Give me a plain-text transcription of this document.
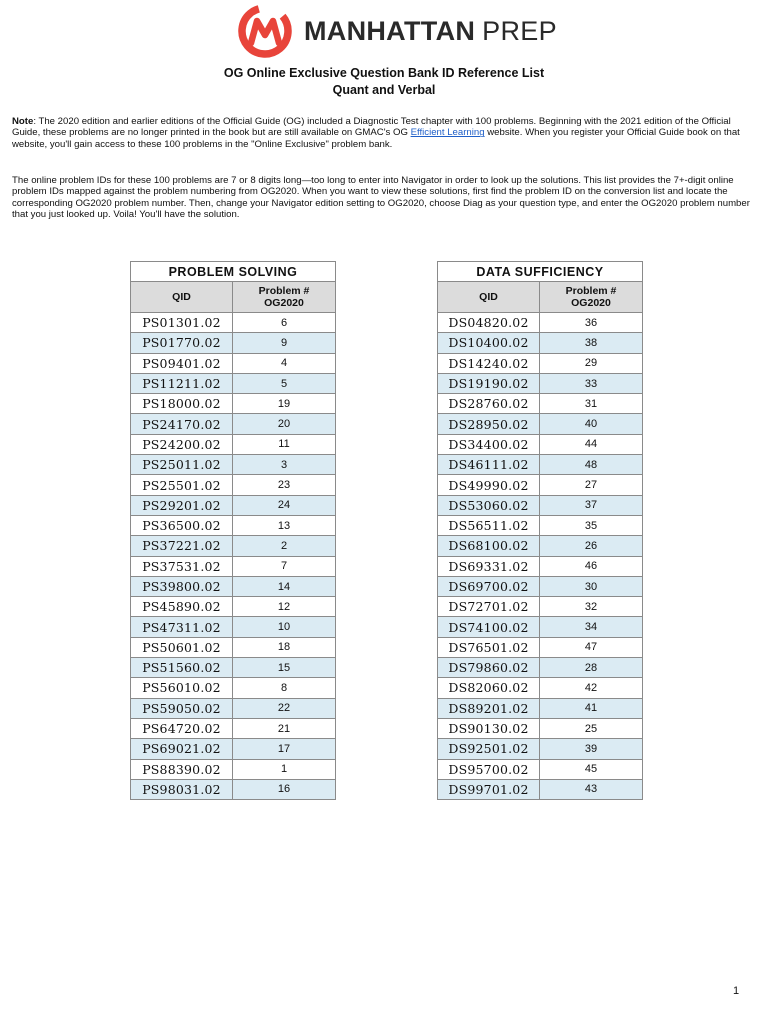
MANHATTAN PREP
OG Online Exclusive Question Bank ID Reference List
Quant and Verbal
Note: The 2020 edition and earlier editions of the Official Guide (OG) included a Diagnostic Test chapter with 100 problems. Beginning with the 2021 edition of the Official Guide, these problems are no longer printed in the book but are still available on GMAC's OG Efficient Learning website. When you register your Official Guide book on that website, you'll gain access to these 100 problems in the "Online Exclusive" problem bank.
The online problem IDs for these 100 problems are 7 or 8 digits long—too long to enter into Navigator in order to look up the solutions. This list provides the 7+-digit online problem IDs mapped against the problem numbering from OG2020. When you want to view these solutions, first find the problem ID on the conversion list and locate the corresponding OG2020 problem number. Then, change your Navigator edition setting to OG2020, choose Diag as your question type, and enter the OG2020 problem number that you just looked up. Voila! You'll have the solution.
PROBLEM SOLVING	
QID	Problem #
OG2020
PS01301.02	6
PS01770.02	9
PS09401.02	4
PS11211.02	5
PS18000.02	19
PS24170.02	20
PS24200.02	11
PS25011.02	3
PS25501.02	23
PS29201.02	24
PS36500.02	13
PS37221.02	2
PS37531.02	7
PS39800.02	14
PS45890.02	12
PS47311.02	10
PS50601.02	18
PS51560.02	15
PS56010.02	8
PS59050.02	22
PS64720.02	21
PS69021.02	17
PS88390.02	1
PS98031.02	16
DATA SUFFICIENCY	
QID	Problem #
OG2020
DS04820.02	36
DS10400.02	38
DS14240.02	29
DS19190.02	33
DS28760.02	31
DS28950.02	40
DS34400.02	44
DS46111.02	48
DS49990.02	27
DS53060.02	37
DS56511.02	35
DS68100.02	26
DS69331.02	46
DS69700.02	30
DS72701.02	32
DS74100.02	34
DS76501.02	47
DS79860.02	28
DS82060.02	42
DS89201.02	41
DS90130.02	25
DS92501.02	39
DS95700.02	45
DS99701.02	43
1
